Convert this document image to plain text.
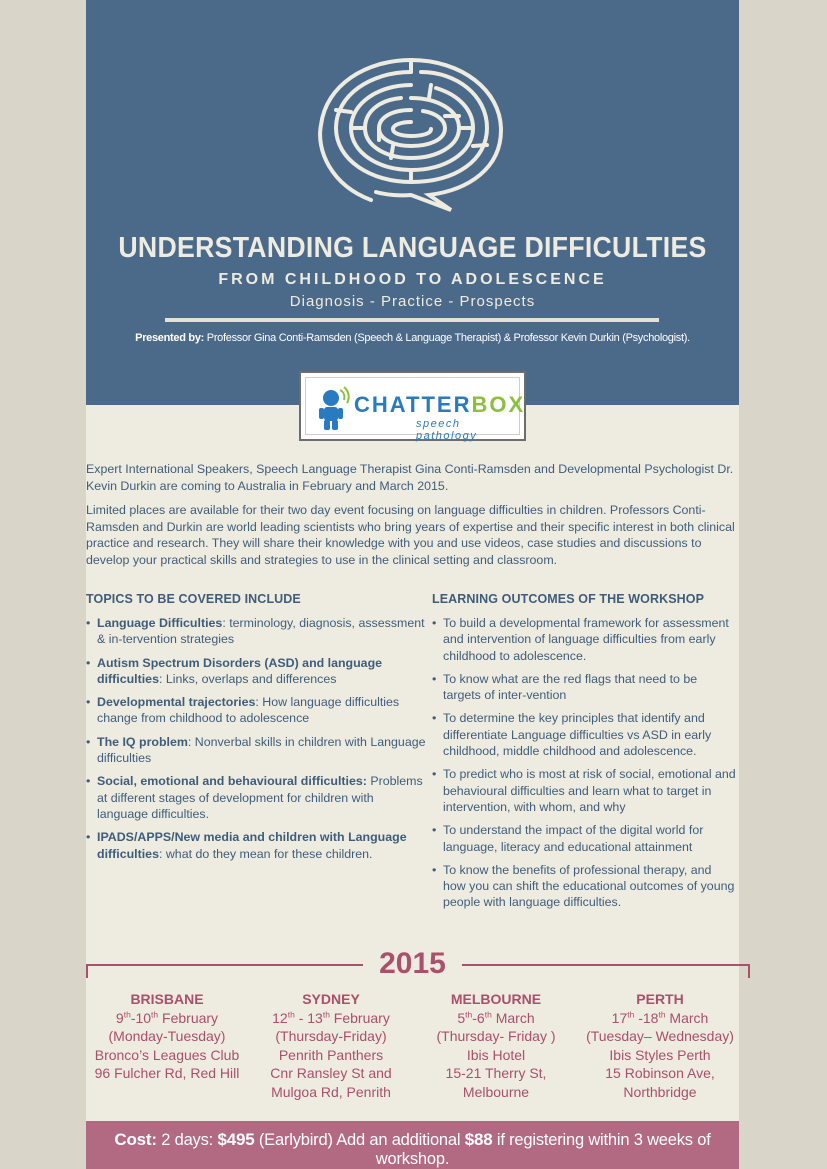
UNDERSTANDING LANGUAGE DIFFICULTIES
FROM CHILDHOOD TO ADOLESCENCE
Diagnosis - Practice - Prospects
Presented by: Professor Gina Conti-Ramsden (Speech & Language Therapist) & Professor Kevin Durkin (Psychologist).
CHATTERBOX
speech pathology

Expert International Speakers, Speech Language Therapist Gina Conti-Ramsden and Developmental Psychologist Dr. Kevin Durkin are coming to Australia in February and March 2015.

Limited places are available for their two day event focusing on language difficulties in children. Professors Conti-Ramsden and Durkin are world leading scientists who bring years of expertise and their specific interest in both clinical practice and research. They will share their knowledge with you and use videos, case studies and discussions to develop your practical skills and strategies to use in the clinical setting and classroom.

TOPICS TO BE COVERED INCLUDE
• Language Difficulties: terminology, diagnosis, assessment & in-tervention strategies
• Autism Spectrum Disorders (ASD) and language difficulties: Links, overlaps and differences
• Developmental trajectories: How language difficulties change from childhood to adolescence
• The IQ problem: Nonverbal skills in children with Language difficulties
• Social, emotional and behavioural difficulties: Problems at different stages of development for children with language difficulties.
• IPADS/APPS/New media and children with Language difficulties: what do they mean for these children.
LEARNING OUTCOMES OF THE WORKSHOP
• To build a developmental framework for assessment and intervention of language difficulties from early childhood to adolescence.
• To know what are the red flags that need to be targets of inter-vention
• To determine the key principles that identify and differentiate Language difficulties vs ASD in early childhood, middle childhood and adolescence.
• To predict who is most at risk of social, emotional and behavioural difficulties and learn what to target in intervention, with whom, and why
• To understand the impact of the digital world for language, literacy and educational attainment
• To know the benefits of professional therapy, and how you can shift the educational outcomes of young people with language difficulties.
2015
BRISBANE
9th-10th February
(Monday-Tuesday)
Bronco’s Leagues Club
96 Fulcher Rd, Red Hill
SYDNEY
12th - 13th February
(Thursday-Friday)
Penrith Panthers
Cnr Ransley St and
Mulgoa Rd, Penrith
MELBOURNE
5th-6th March
(Thursday- Friday )
Ibis Hotel
15-21 Therry St,
Melbourne
PERTH
17th -18th March
(Tuesday– Wednesday)
Ibis Styles Perth
15 Robinson Ave,
Northbridge
Cost: 2 days: $495 (Earlybird) Add an additional $88 if registering within 3 weeks of workshop.
